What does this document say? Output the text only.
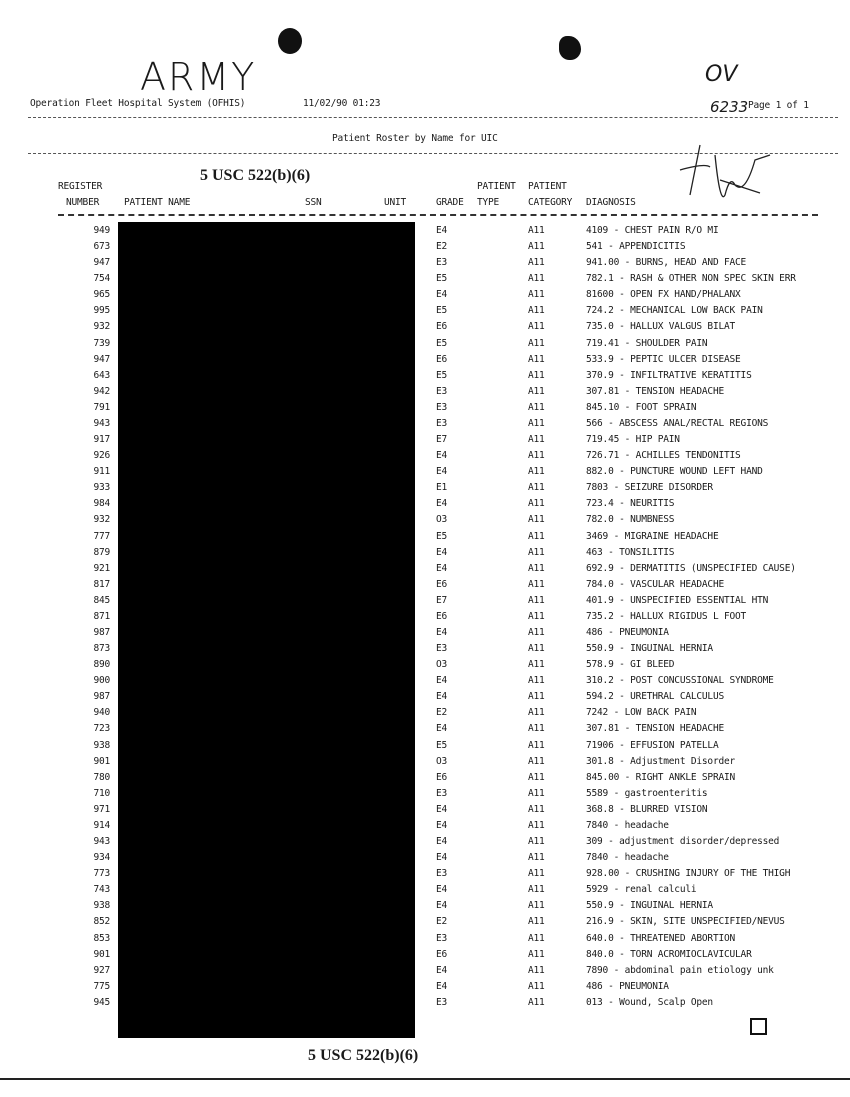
ARMY	OV
Operation Fleet Hospital System (OFHIS)	11/02/90 01:23	6233 Page 1 of 1
Patient Roster by Name for UIC
5 USC 522(b)(6)
REGISTER
NUMBER	PATIENT NAME	SSN	UNIT	GRADE
PATIENT
TYPE
PATIENT
CATEGORY DIAGNOSIS
949	E4	A11	4109 - CHEST PAIN R/O MI
673	E2	A11	541 - APPENDICITIS
947	E3	A11	941.00 - BURNS, HEAD AND FACE
754	E5	A11	782.1 - RASH & OTHER NON SPEC SKIN ERR
965	E4	A11	81600 - OPEN FX HAND/PHALANX
995	E5	A11	724.2 - MECHANICAL LOW BACK PAIN
932	E6	A11	735.0 - HALLUX VALGUS BILAT
739	E5	A11	719.41 - SHOULDER PAIN
947	E6	A11	533.9 - PEPTIC ULCER DISEASE
643	E5	A11	370.9 - INFILTRATIVE KERATITIS
942	E3	A11	307.81 - TENSION HEADACHE
791	E3	A11	845.10 - FOOT SPRAIN
943	E3	A11	566 - ABSCESS ANAL/RECTAL REGIONS
917	E7	A11	719.45 - HIP PAIN
926	E4	A11	726.71 - ACHILLES TENDONITIS
911	E4	A11	882.0 - PUNCTURE WOUND LEFT HAND
933	E1	A11	7803 - SEIZURE DISORDER
984	E4	A11	723.4 - NEURITIS
932	O3	A11	782.0 - NUMBNESS
777	E5	A11	3469 - MIGRAINE HEADACHE
879	E4	A11	463 - TONSILITIS
921	E4	A11	692.9 - DERMATITIS (UNSPECIFIED CAUSE)
817	E6	A11	784.0 - VASCULAR HEADACHE
845	E7	A11	401.9 - UNSPECIFIED ESSENTIAL HTN
871	E6	A11	735.2 - HALLUX RIGIDUS L FOOT
987	E4	A11	486 - PNEUMONIA
873	E3	A11	550.9 - INGUINAL HERNIA
890	O3	A11	578.9 - GI BLEED
900	E4	A11	310.2 - POST CONCUSSIONAL SYNDROME
987	E4	A11	594.2 - URETHRAL CALCULUS
940	E2	A11	7242 - LOW BACK PAIN
723	E4	A11	307.81 - TENSION HEADACHE
938	E5	A11	71906 - EFFUSION PATELLA
901	O3	A11	301.8 - Adjustment Disorder
780	E6	A11	845.00 - RIGHT ANKLE SPRAIN
710	E3	A11	5589 - gastroenteritis
971	E4	A11	368.8 - BLURRED VISION
914	E4	A11	7840 - headache
943	E4	A11	309 - adjustment disorder/depressed
934	E4	A11	7840 - headache
773	E3	A11	928.00 - CRUSHING INJURY OF THE THIGH
743	E4	A11	5929 - renal calculi
938	E4	A11	550.9 - INGUINAL HERNIA
852	E2	A11	216.9 - SKIN, SITE UNSPECIFIED/NEVUS
853	E3	A11	640.0 - THREATENED ABORTION
901	E6	A11	840.0 - TORN ACROMIOCLAVICULAR
927	E4	A11	7890 - abdominal pain etiology unk
775	E4	A11	486 - PNEUMONIA
945	E3	A11	013 - Wound, Scalp Open
5 USC 522(b)(6)
